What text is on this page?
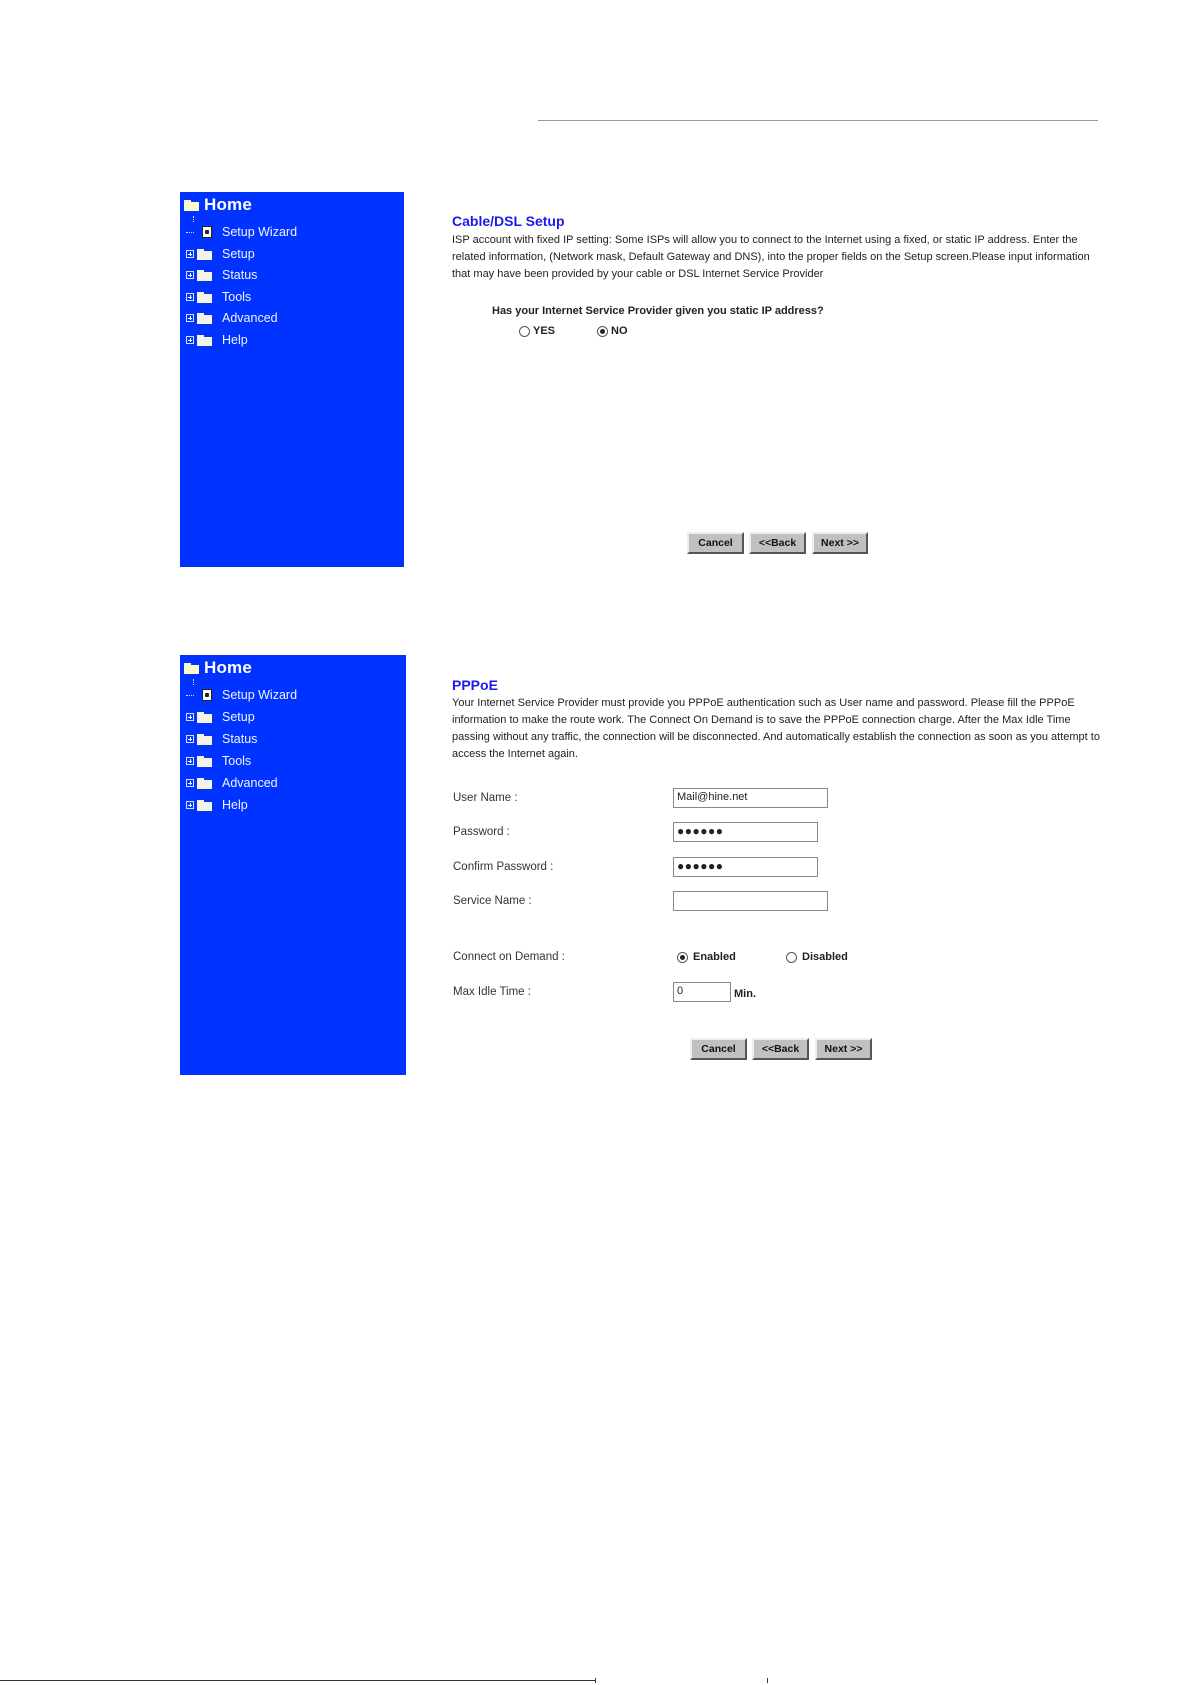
Home
Setup Wizard
Setup
Status
Tools
Advanced
Help
Cable/DSL Setup

ISP account with fixed IP setting: Some ISPs will allow you to connect to the Internet using a fixed, or static IP address. Enter the related information, (Network mask, Default Gateway and DNS), into the proper fields on the Setup screen.Please input information that may have been provided by your cable or DSL Internet Service Provider

Has your Internet Service Provider given you static IP address?
YES	NO
Cancel	<<Back	Next >>
Home
Setup Wizard
Setup
Status
Tools
Advanced
Help
PPPoE

Your Internet Service Provider must provide you PPPoE authentication such as User name and password. Please fill the PPPoE information to make the route work. The Connect On Demand is to save the PPPoE connection charge. After the Max Idle Time passing without any traffic, the connection will be disconnected. And automatically establish the connection as soon as you attempt to access the Internet again.

User Name :	Mail@hine.net
Password :	●●●●●●
Confirm Password :	●●●●●●
Service Name :
Connect on Demand :	Enabled	Disabled
Max Idle Time :	0	Min.
Cancel	<<Back	Next >>
